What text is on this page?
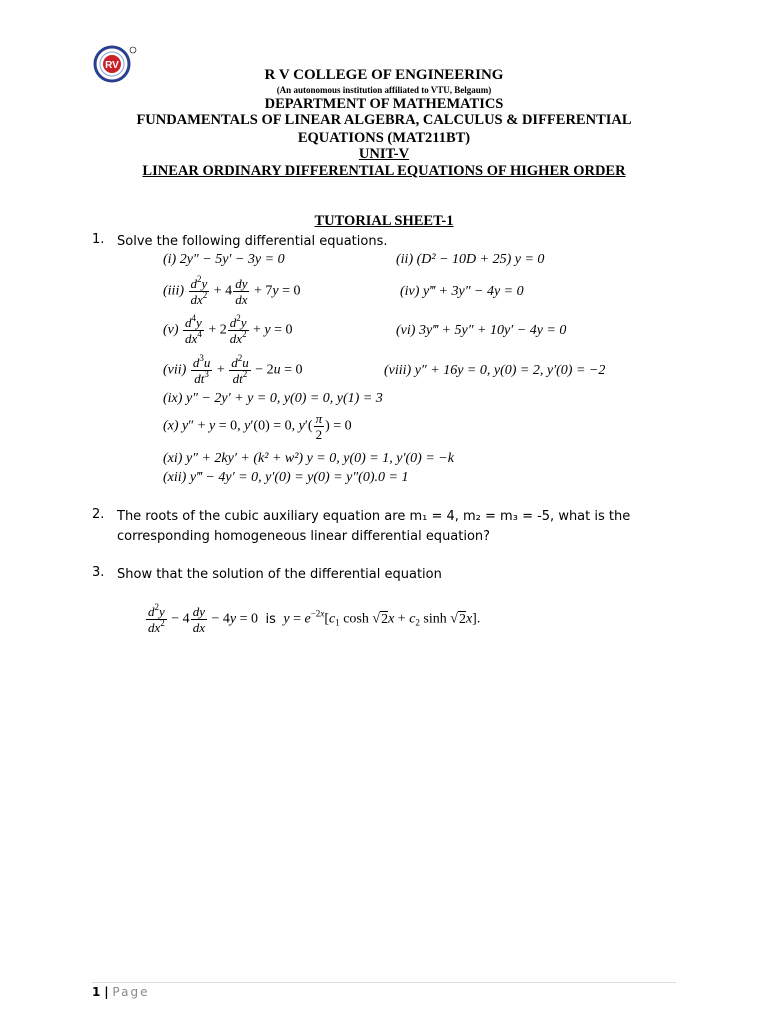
RV
R V COLLEGE OF ENGINEERING
(An autonomous institution affiliated to VTU, Belgaum)
DEPARTMENT OF MATHEMATICS
FUNDAMENTALS OF LINEAR ALGEBRA, CALCULUS & DIFFERENTIAL
EQUATIONS (MAT211BT)
UNIT-V
LINEAR ORDINARY DIFFERENTIAL EQUATIONS OF HIGHER ORDER
TUTORIAL SHEET-1
1. Solve the following differential equations.
(i) 2y″ − 5y′ − 3y = 0	(ii) (D² − 10D + 25) y = 0
$(iii) \frac{d^2y}{dx^2} + 4 \frac{dy}{dx} + 7y = 0$	(iv) y‴ + 3y″ − 4y = 0
$(v) \frac{d^4y}{dx^4} + 2 \frac{d^2y}{dx^2} + y = 0$	(vi) 3y‴ + 5y″ + 10y′ − 4y = 0
$(vii) \frac{d^3u}{dt^3} + \frac{d^2u}{dt^2} - 2u = 0$	(viii) y″ + 16y = 0, y(0) = 2, y′(0) = −2
(ix) y″ − 2y′ + y = 0, y(0) = 0, y(1) = 3
(x) y″ + y = 0, y′(0) = 0, $y'( \frac{\pi}{2}$ ) = 0
(xi) y″ + 2ky′ + (k² + w²) y = 0, y(0) = 1, y′(0) = −k
(xii) y‴ − 4y′ = 0, y′(0) = y(0) = y″(0).0 = 1
2. The roots of the cubic auxiliary equation are m₁ = 4, m₂ = m₃ = -5, what is the corresponding homogeneous linear differential equation?
3. Show that the solution of the differential equation
$\frac{d^2y}{dx^2} - 4 \frac{dy}{dx} - 4y = 0$ is $y = e^{-2x}[c_1$ $\cosh √2x + c_2$ sinh √2x].
1 | Page
